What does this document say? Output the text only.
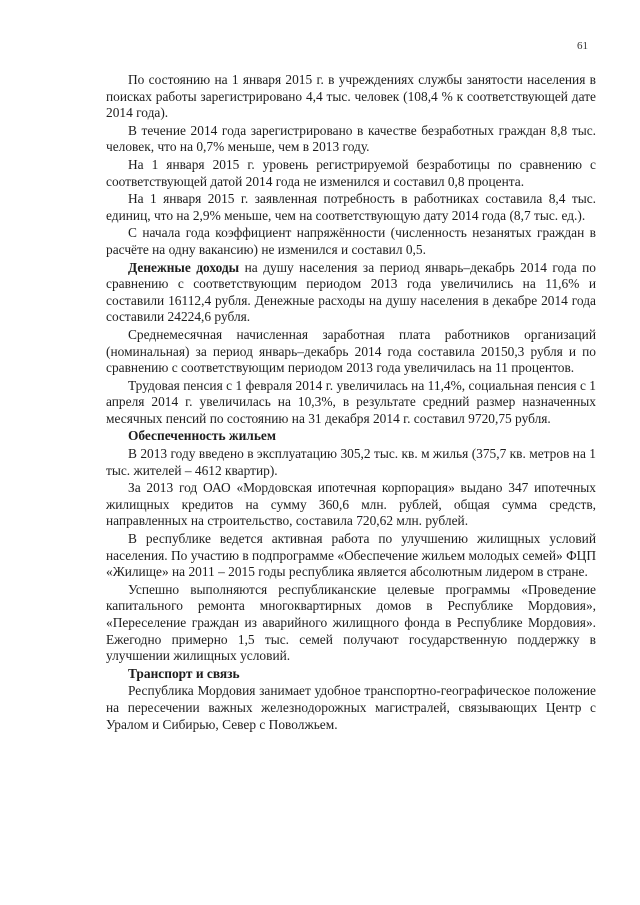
61

По состоянию на 1 января 2015 г. в учреждениях службы занятости населения в поисках работы зарегистрировано 4,4 тыс. человек (108,4 % к соответствующей дате 2014 года).

В течение 2014 года зарегистрировано в качестве безработных граждан 8,8 тыс. человек, что на 0,7% меньше, чем в 2013 году.

На 1 января 2015 г. уровень регистрируемой безработицы по сравнению с соответствующей датой 2014 года не изменился и составил 0,8 процента.

На 1 января 2015 г. заявленная потребность в работниках составила 8,4 тыс. единиц, что на 2,9% меньше, чем на соответствующую дату 2014 года (8,7 тыс. ед.).

С начала года коэффициент напряжённости (численность незанятых граждан в расчёте на одну вакансию) не изменился и составил 0,5.

Денежные доходы на душу населения за период январь–декабрь 2014 года по сравнению с соответствующим периодом 2013 года увеличились на 11,6% и составили 16112,4 рубля. Денежные расходы на душу населения в декабре 2014 года составили 24224,6 рубля.

Среднемесячная начисленная заработная плата работников организаций (номинальная) за период январь–декабрь 2014 года составила 20150,3 рубля и по сравнению с соответствующим периодом 2013 года увеличилась на 11 процентов.

Трудовая пенсия с 1 февраля 2014 г. увеличилась на 11,4%, социальная пенсия с 1 апреля 2014 г. увеличилась на 10,3%, в результате средний размер назначенных месячных пенсий по состоянию на 31 декабря 2014 г. составил 9720,75 рубля.

Обеспеченность жильем

В 2013 году введено в эксплуатацию 305,2 тыс. кв. м жилья (375,7 кв. метров на 1 тыс. жителей – 4612 квартир).

За 2013 год ОАО «Мордовская ипотечная корпорация» выдано 347 ипотечных жилищных кредитов на сумму 360,6 млн. рублей, общая сумма средств, направленных на строительство, составила 720,62 млн. рублей.

В республике ведется активная работа по улучшению жилищных условий населения. По участию в подпрограмме «Обеспечение жильем молодых семей» ФЦП «Жилище» на 2011 – 2015 годы республика является абсолютным лидером в стране.

Успешно выполняются республиканские целевые программы «Проведение капитального ремонта многоквартирных домов в Республике Мордовия», «Переселение граждан из аварийного жилищного фонда в Республике Мордовия». Ежегодно примерно 1,5 тыс. семей получают государственную поддержку в улучшении жилищных условий.

Транспорт и связь

Республика Мордовия занимает удобное транспортно-географическое положение на пересечении важных железнодорожных магистралей, связывающих Центр с Уралом и Сибирью, Север с Поволжьем.
